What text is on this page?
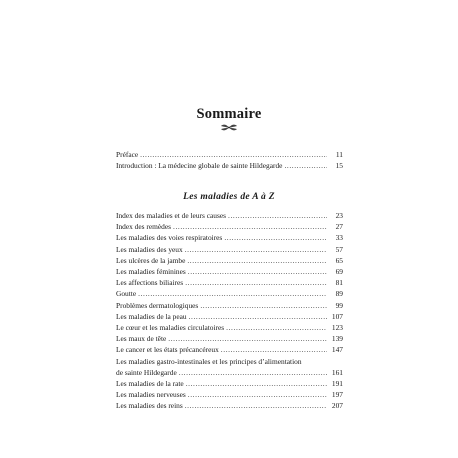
Sommaire
Préface .....	11
Introduction : La médecine globale de sainte Hildegarde .....	15
Les maladies de A à Z
Index des maladies et de leurs causes .....	23
Index des remèdes .....	27
Les maladies des voies respiratoires .....	33
Les maladies des yeux .....	57
Les ulcères de la jambe .....	65
Les maladies féminines .....	69
Les affections biliaires .....	81
Goutte .....	89
Problèmes dermatologiques .....	99
Les maladies de la peau .....	107
Le cœur et les maladies circulatoires .....	123
Les maux de tête .....	139
Le cancer et les états précancéreux .....	147
Les maladies gastro-intestinales et les principes d’alimentation
de sainte Hildegarde .....	161
Les maladies de la rate .....	191
Les maladies nerveuses .....	197
Les maladies des reins .....	207
